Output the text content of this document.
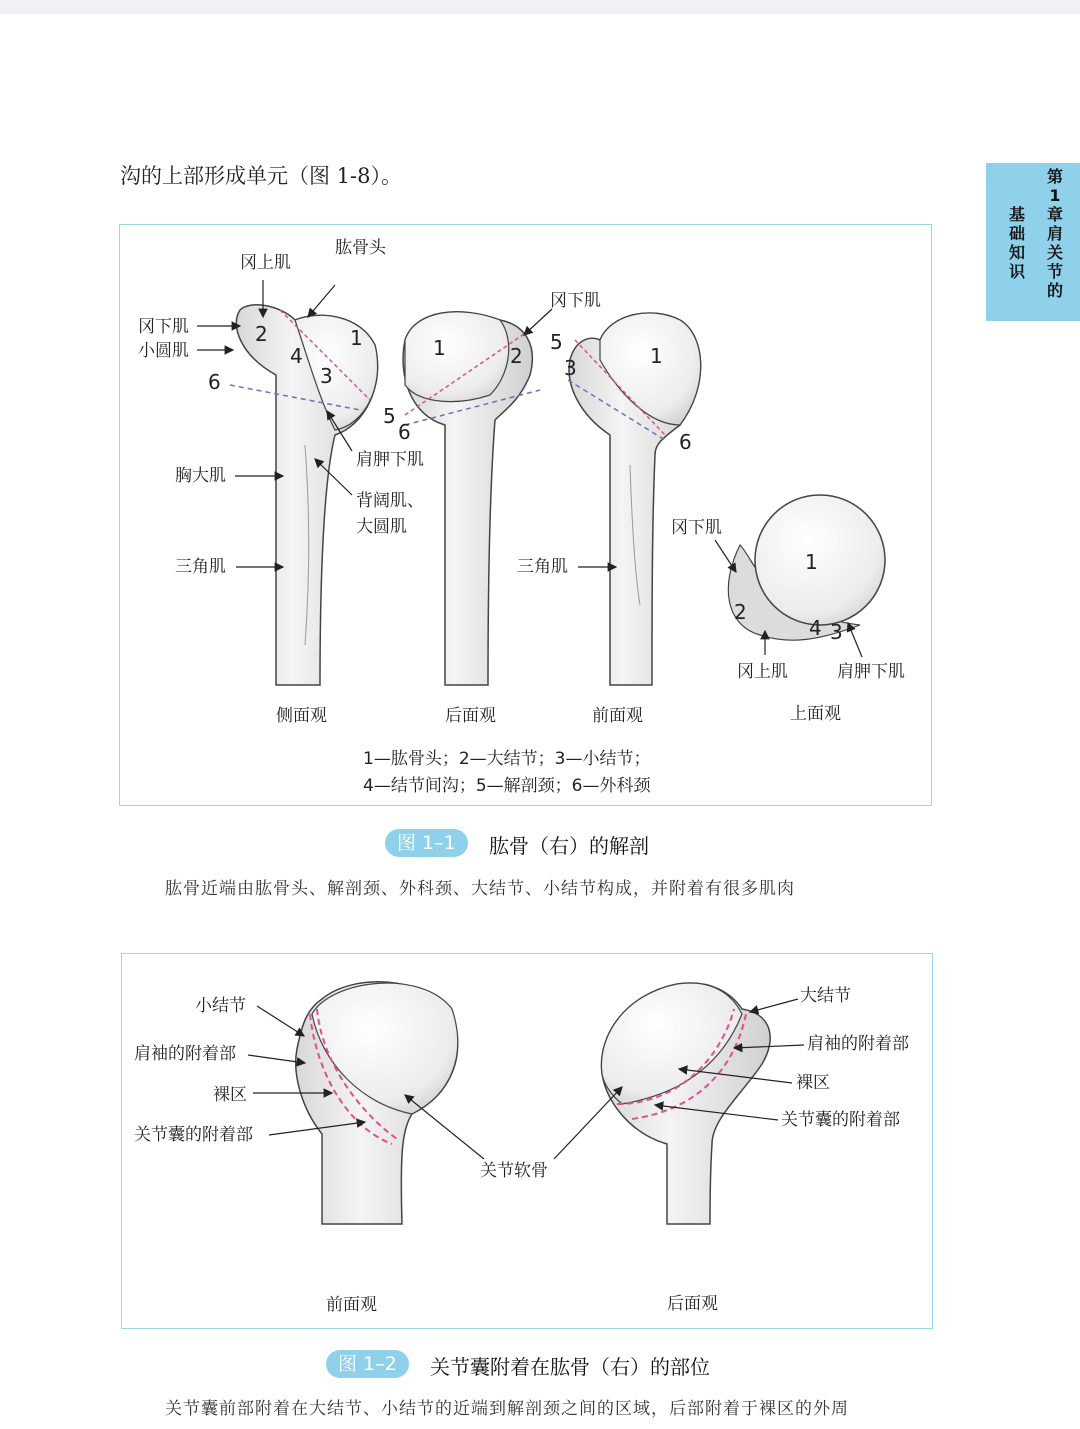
沟的上部形成单元（图 1-8）。	第
1
章
肩
关
节
的
基
础
知
识
冈上肌
肱骨头
冈下肌
小圆肌
胸大肌
三角肌
肩胛下肌
背阔肌、
大圆肌
冈下肌
三角肌
冈下肌
冈上肌	肩胛下肌
2	1
4
3
6
1	2
5
6
5
3	1
6
1
2
4 3
侧面观	后面观	前面观	上面观
1—肱骨头；2—大结节；3—小结节；
4—结节间沟；5—解剖颈；6—外科颈
图 1–1	肱骨（右）的解剖
肱骨近端由肱骨头、解剖颈、外科颈、大结节、小结节构成，并附着有很多肌肉
小结节
肩袖的附着部
裸区
关节囊的附着部
关节软骨
大结节
肩袖的附着部
裸区
关节囊的附着部
前面观	后面观
图 1–2	关节囊附着在肱骨（右）的部位
关节囊前部附着在大结节、小结节的近端到解剖颈之间的区域，后部附着于裸区的外周
